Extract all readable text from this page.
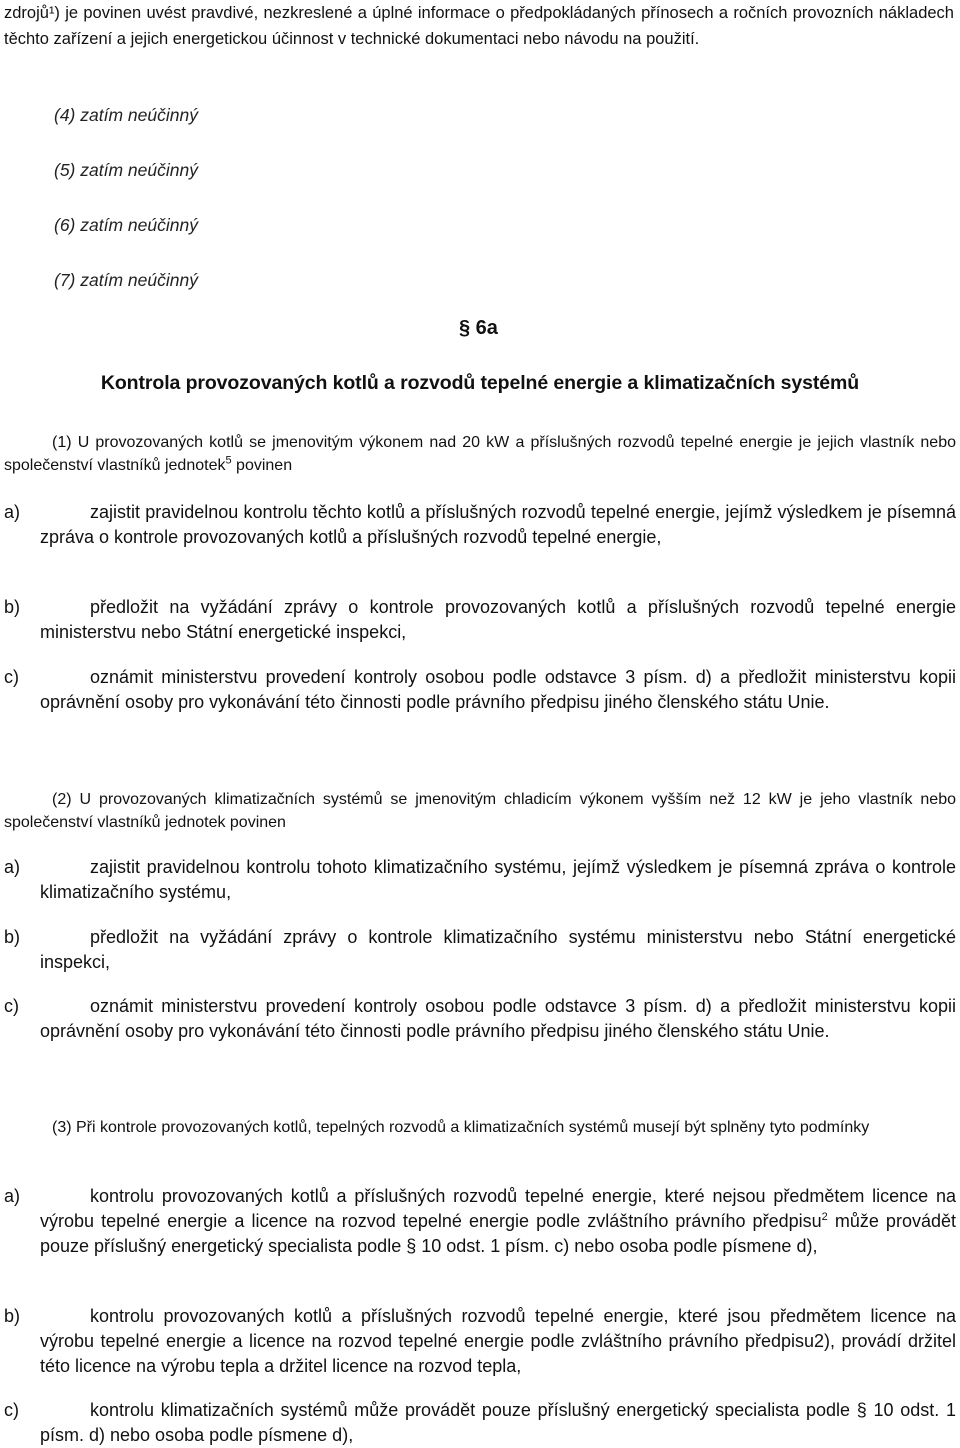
zdrojů¹) je povinen uvést pravdivé, nezkreslené a úplné informace o předpokládaných přínosech a ročních provozních nákladech těchto zařízení a jejich energetickou účinnost v technické dokumentaci nebo návodu na použití.
(4) zatím neúčinný
(5) zatím neúčinný
(6) zatím neúčinný
(7) zatím neúčinný
§ 6a
Kontrola provozovaných kotlů a rozvodů tepelné energie a klimatizačních systémů
(1) U provozovaných kotlů se jmenovitým výkonem nad 20 kW a příslušných rozvodů tepelné energie je jejich vlastník nebo společenství vlastníků jednotek$^5$ povinen
a)	zajistit pravidelnou kontrolu těchto kotlů a příslušných rozvodů tepelné energie, jejímž výsledkem je písemná zpráva o kontrole provozovaných kotlů a příslušných rozvodů tepelné energie,
b)	předložit na vyžádání zprávy o kontrole provozovaných kotlů a příslušných rozvodů tepelné energie ministerstvu nebo Státní energetické inspekci,
c)	oznámit ministerstvu provedení kontroly osobou podle odstavce 3 písm. d) a předložit ministerstvu kopii oprávnění osoby pro vykonávání této činnosti podle právního předpisu jiného členského státu Unie.
(2) U provozovaných klimatizačních systémů se jmenovitým chladicím výkonem vyšším než 12 kW je jeho vlastník nebo společenství vlastníků jednotek povinen
a)	zajistit pravidelnou kontrolu tohoto klimatizačního systému, jejímž výsledkem je písemná zpráva o kontrole klimatizačního systému,
b)	předložit na vyžádání zprávy o kontrole klimatizačního systému ministerstvu nebo Státní energetické inspekci,
c)	oznámit ministerstvu provedení kontroly osobou podle odstavce 3 písm. d) a předložit ministerstvu kopii oprávnění osoby pro vykonávání této činnosti podle právního předpisu jiného členského státu Unie.
(3) Při kontrole provozovaných kotlů, tepelných rozvodů a klimatizačních systémů musejí být splněny tyto podmínky
a)	kontrolu provozovaných kotlů a příslušných rozvodů tepelné energie, které nejsou předmětem licence na výrobu tepelné energie a licence na rozvod tepelné energie podle zvláštního právního předpisu$^2$ může provádět pouze příslušný energetický specialista podle § 10 odst. 1 písm. c) nebo osoba podle písmene d),
b)	kontrolu provozovaných kotlů a příslušných rozvodů tepelné energie, které jsou předmětem licence na výrobu tepelné energie a licence na rozvod tepelné energie podle zvláštního právního předpisu2), provádí držitel této licence na výrobu tepla a držitel licence na rozvod tepla,
c)	kontrolu klimatizačních systémů může provádět pouze příslušný energetický specialista podle § 10 odst. 1 písm. d) nebo osoba podle písmene d),
